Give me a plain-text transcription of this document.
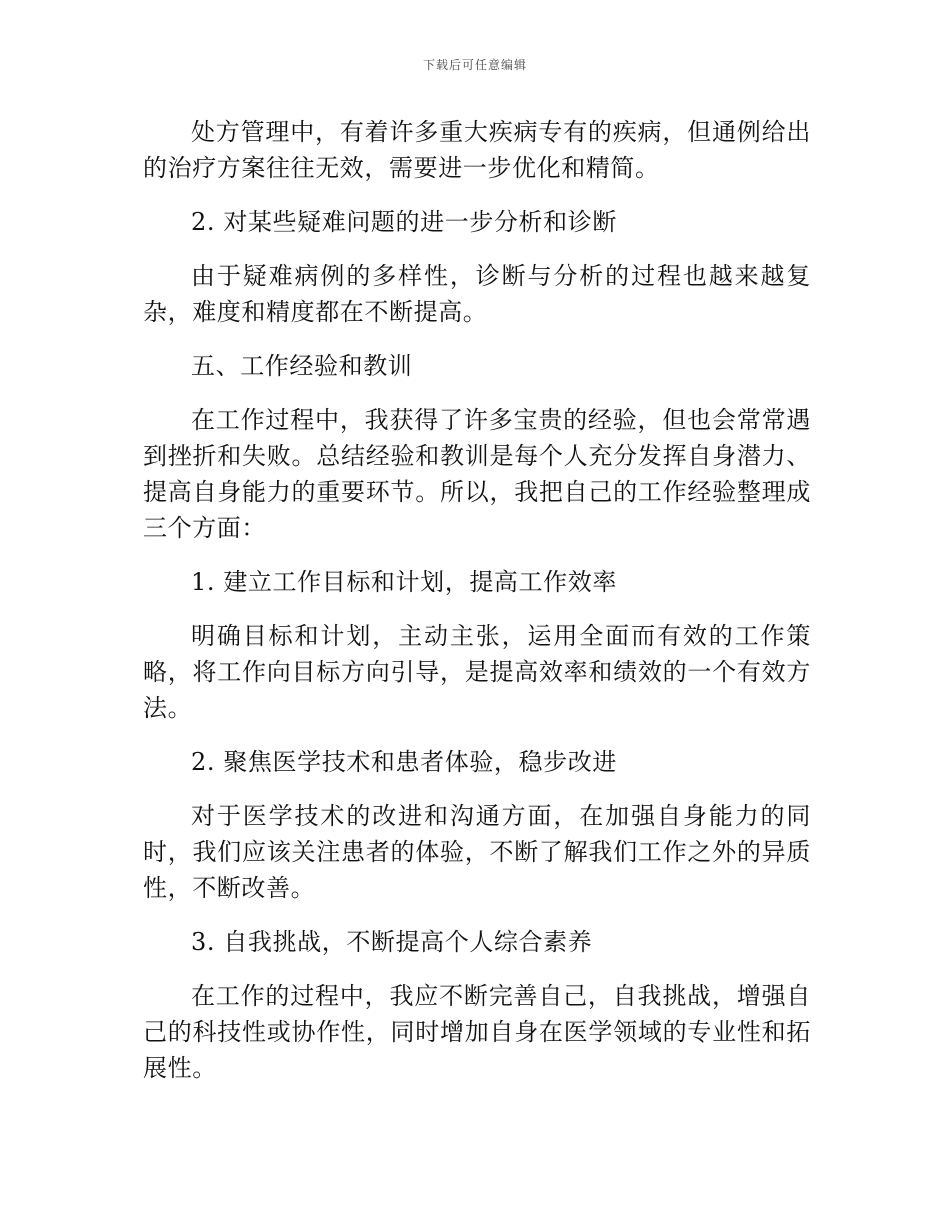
下载后可任意编辑

处方管理中，有着许多重大疾病专有的疾病，但通例给出的治疗方案往往无效，需要进一步优化和精简。

2. 对某些疑难问题的进一步分析和诊断

由于疑难病例的多样性，诊断与分析的过程也越来越复杂，难度和精度都在不断提高。

五、工作经验和教训

在工作过程中，我获得了许多宝贵的经验，但也会常常遇到挫折和失败。总结经验和教训是每个人充分发挥自身潜力、提高自身能力的重要环节。所以，我把自己的工作经验整理成三个方面：

1. 建立工作目标和计划，提高工作效率

明确目标和计划，主动主张，运用全面而有效的工作策略，将工作向目标方向引导，是提高效率和绩效的一个有效方法。

2. 聚焦医学技术和患者体验，稳步改进

对于医学技术的改进和沟通方面，在加强自身能力的同时，我们应该关注患者的体验，不断了解我们工作之外的异质性，不断改善。

3. 自我挑战，不断提高个人综合素养

在工作的过程中，我应不断完善自己，自我挑战，增强自己的科技性或协作性，同时增加自身在医学领域的专业性和拓展性。
